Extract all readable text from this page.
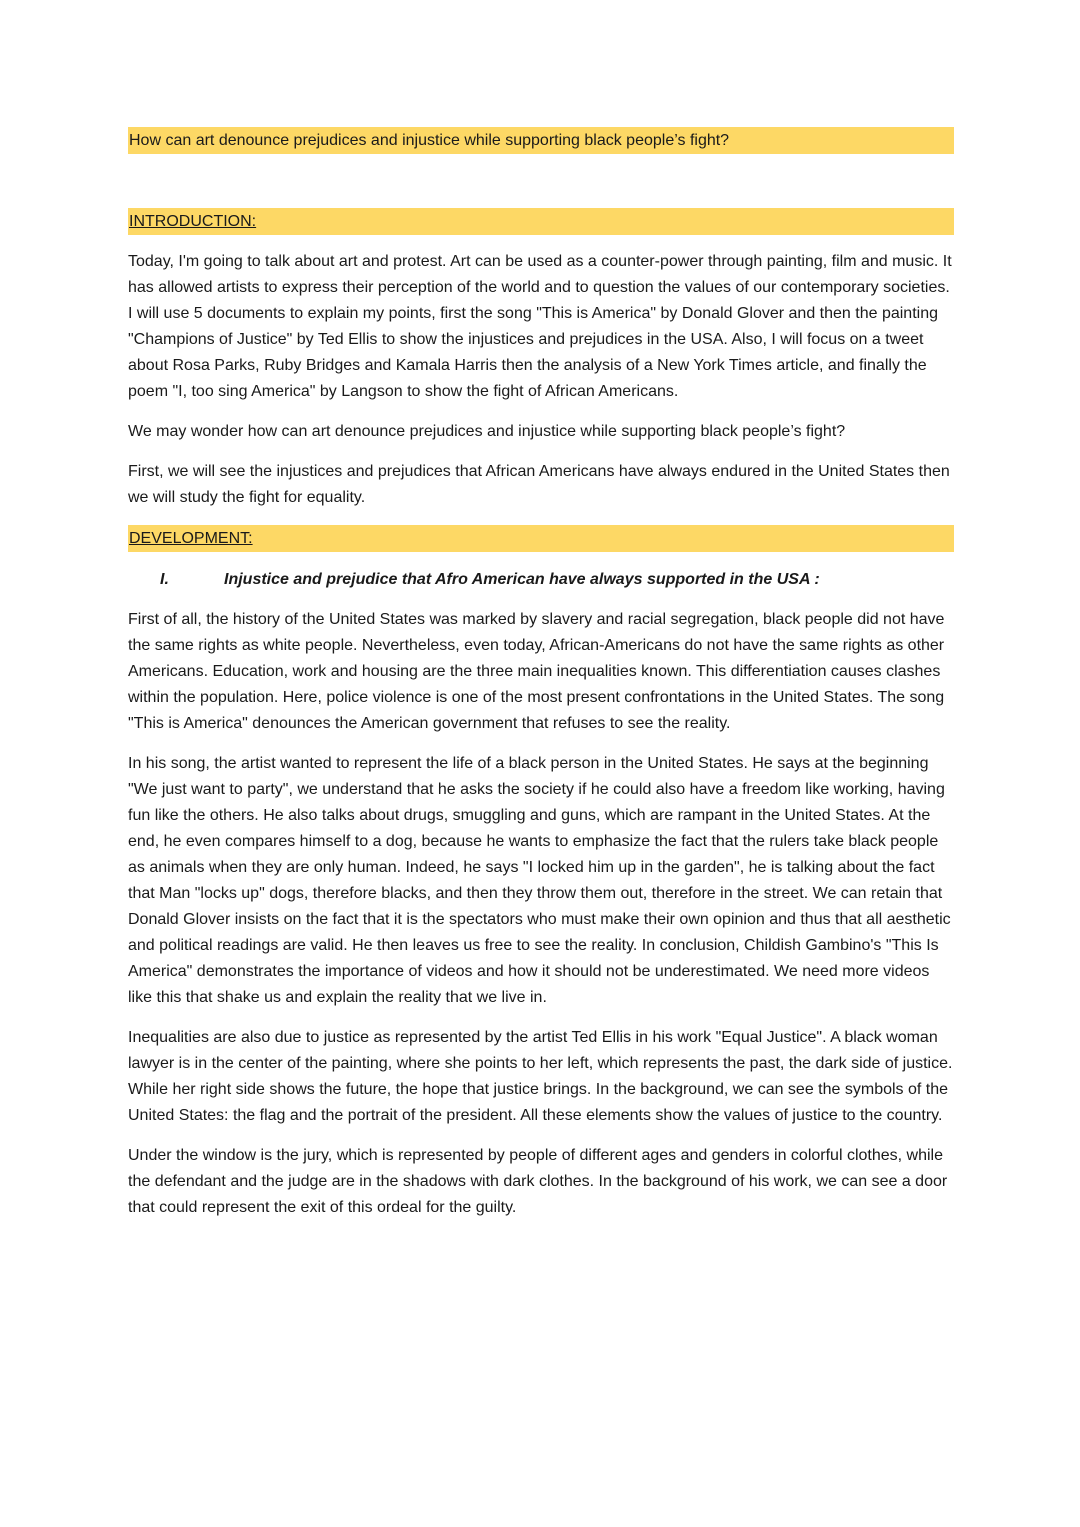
How can art denounce prejudices and injustice while supporting black people’s fight?
INTRODUCTION:

Today, I'm going to talk about art and protest. Art can be used as a counter-power through painting, film and music. It has allowed artists to express their perception of the world and to question the values of our contemporary societies. I will use 5 documents to explain my points, first the song "This is America" by Donald Glover and then the painting "Champions of Justice" by Ted Ellis to show the injustices and prejudices in the USA. Also, I will focus on a tweet about Rosa Parks, Ruby Bridges and Kamala Harris then the analysis of a New York Times article, and finally the poem "I, too sing America" by Langson to show the fight of African Americans.

We may wonder how can art denounce prejudices and injustice while supporting black people’s fight?

First, we will see the injustices and prejudices that African Americans have always endured in the United States then we will study the fight for equality.

DEVELOPMENT:
I.	Injustice and prejudice that Afro American have always supported in the USA :

First of all, the history of the United States was marked by slavery and racial segregation, black people did not have the same rights as white people. Nevertheless, even today, African-Americans do not have the same rights as other Americans. Education, work and housing are the three main inequalities known. This differentiation causes clashes within the population. Here, police violence is one of the most present confrontations in the United States. The song "This is America" denounces the American government that refuses to see the reality.

In his song, the artist wanted to represent the life of a black person in the United States. He says at the beginning "We just want to party", we understand that he asks the society if he could also have a freedom like working, having fun like the others. He also talks about drugs, smuggling and guns, which are rampant in the United States. At the end, he even compares himself to a dog, because he wants to emphasize the fact that the rulers take black people as animals when they are only human. Indeed, he says "I locked him up in the garden", he is talking about the fact that Man "locks up" dogs, therefore blacks, and then they throw them out, therefore in the street. We can retain that Donald Glover insists on the fact that it is the spectators who must make their own opinion and thus that all aesthetic and political readings are valid. He then leaves us free to see the reality. In conclusion, Childish Gambino's "This Is America" demonstrates the importance of videos and how it should not be underestimated. We need more videos like this that shake us and explain the reality that we live in.

Inequalities are also due to justice as represented by the artist Ted Ellis in his work "Equal Justice". A black woman lawyer is in the center of the painting, where she points to her left, which represents the past, the dark side of justice. While her right side shows the future, the hope that justice brings. In the background, we can see the symbols of the United States: the flag and the portrait of the president. All these elements show the values of justice to the country.

Under the window is the jury, which is represented by people of different ages and genders in colorful clothes, while the defendant and the judge are in the shadows with dark clothes. In the background of his work, we can see a door that could represent the exit of this ordeal for the guilty.
